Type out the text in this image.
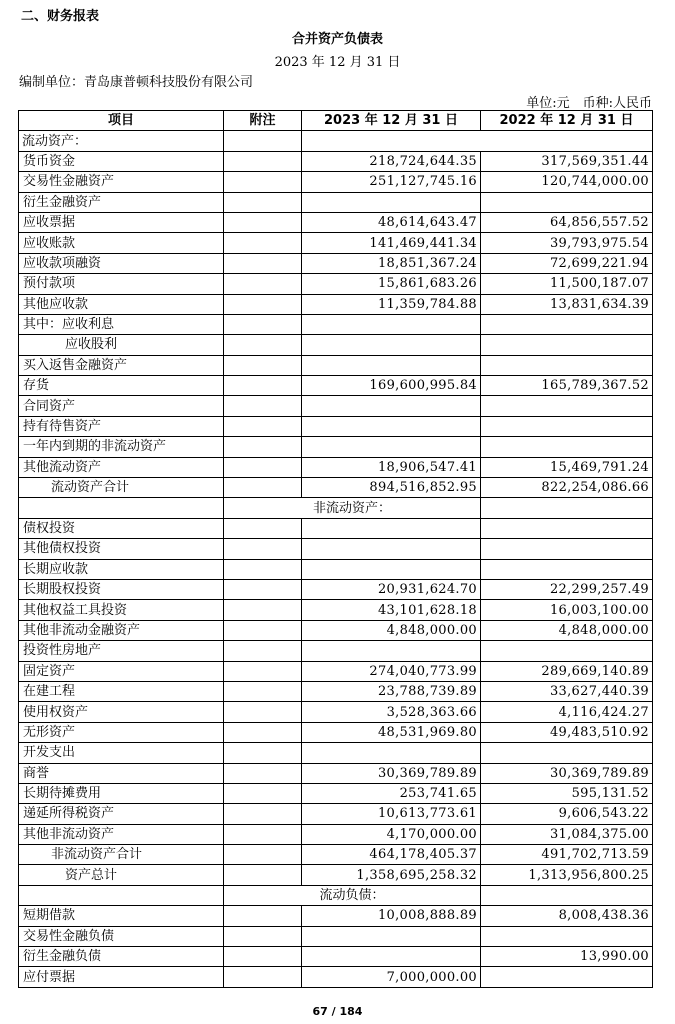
二、财务报表
合并资产负债表
2023 年 12 月 31 日
编制单位：青岛康普顿科技股份有限公司
单位:元　币种:人民币
项目	附注	2023 年 12 月 31 日	2022 年 12 月 31 日
流动资产：			
货币资金		218,724,644.35	317,569,351.44
交易性金融资产		251,127,745.16	120,744,000.00
衍生金融资产			
应收票据		48,614,643.47	64,856,557.52
应收账款		141,469,441.34	39,793,975.54
应收款项融资		18,851,367.24	72,699,221.94
预付款项		15,861,683.26	11,500,187.07
其他应收款		11,359,784.88	13,831,634.39
其中：应收利息			
应收股利			
买入返售金融资产			
存货		169,600,995.84	165,789,367.52
合同资产			
持有待售资产			
一年内到期的非流动资产			
其他流动资产		18,906,547.41	15,469,791.24
流动资产合计		894,516,852.95	822,254,086.66
	非流动资产：		
债权投资			
其他债权投资			
长期应收款			
长期股权投资		20,931,624.70	22,299,257.49
其他权益工具投资		43,101,628.18	16,003,100.00
其他非流动金融资产		4,848,000.00	4,848,000.00
投资性房地产			
固定资产		274,040,773.99	289,669,140.89
在建工程		23,788,739.89	33,627,440.39
使用权资产		3,528,363.66	4,116,424.27
无形资产		48,531,969.80	49,483,510.92
开发支出			
商誉		30,369,789.89	30,369,789.89
长期待摊费用		253,741.65	595,131.52
递延所得税资产		10,613,773.61	9,606,543.22
其他非流动资产		4,170,000.00	31,084,375.00
非流动资产合计		464,178,405.37	491,702,713.59
资产总计		1,358,695,258.32	1,313,956,800.25
	流动负债：		
短期借款		10,008,888.89	8,008,438.36
交易性金融负债			
衍生金融负债			13,990.00
应付票据		7,000,000.00	
67 / 184
